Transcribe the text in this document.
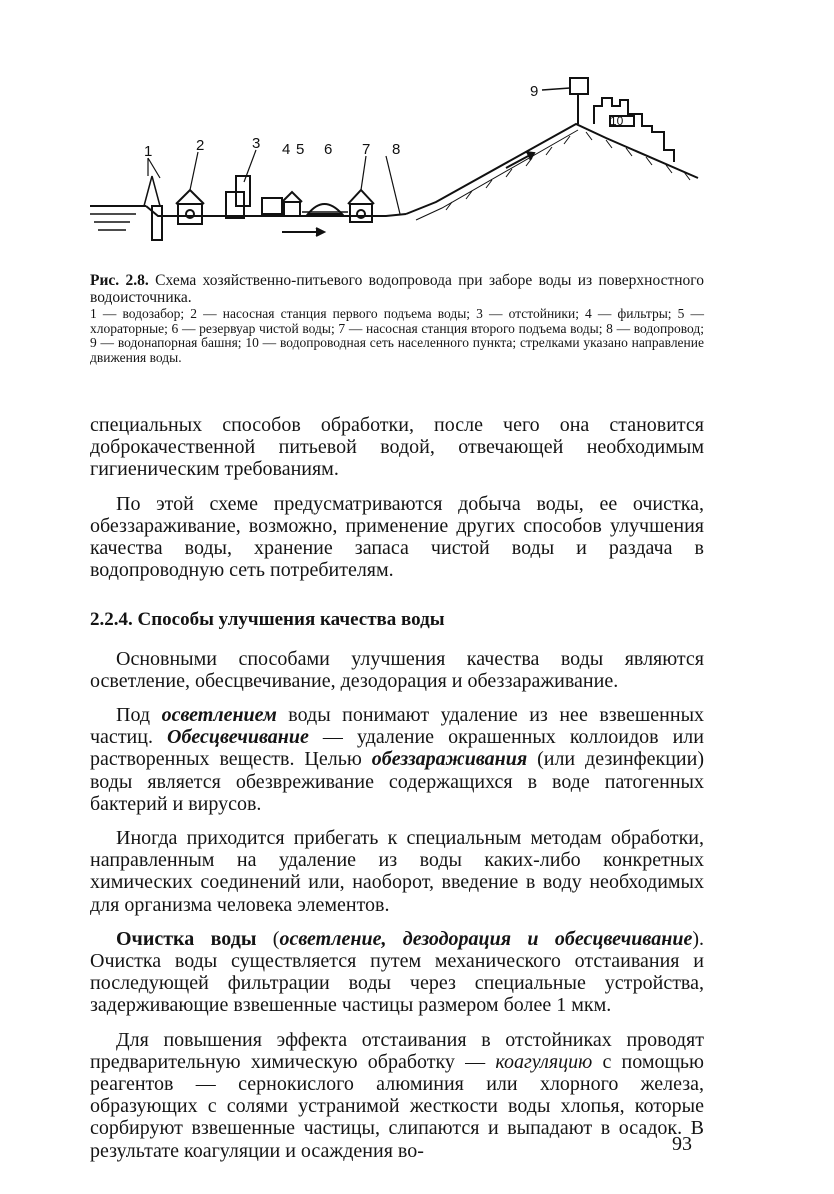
1	2	3 4 5 6 7 8
9
10
Рис. 2.8. Схема хозяйственно-питьевого водопровода при заборе воды из поверхностного водоисточника.
1 — водозабор; 2 — насосная станция первого подъема воды; 3 — отстойники; 4 — фильтры; 5 — хлораторные; 6 — резервуар чистой воды; 7 — насосная станция второго подъема воды; 8 — водопровод; 9 — водонапорная башня; 10 — водопроводная сеть населенного пункта; стрелками указано направление движения воды.

специальных способов обработки, после чего она становится доброкачественной питьевой водой, отвечающей необходимым гигиеническим требованиям.

По этой схеме предусматриваются добыча воды, ее очистка, обеззараживание, возможно, применение других способов улучшения качества воды, хранение запаса чистой воды и раздача в водопроводную сеть потребителям.

2.2.4. Способы улучшения качества воды

Основными способами улучшения качества воды являются осветление, обесцвечивание, дезодорация и обеззараживание.

Под осветлением воды понимают удаление из нее взвешенных частиц. Обесцвечивание — удаление окрашенных коллоидов или растворенных веществ. Целью обеззараживания (или дезинфекции) воды является обезвреживание содержащихся в воде патогенных бактерий и вирусов.

Иногда приходится прибегать к специальным методам обработки, направленным на удаление из воды каких-либо конкретных химических соединений или, наоборот, введение в воду необходимых для организма человека элементов.

Очистка воды (осветление, дезодорация и обесцвечивание). Очистка воды существляется путем механического отстаивания и последующей фильтрации воды через специальные устройства, задерживающие взвешенные частицы размером более 1 мкм.

Для повышения эффекта отстаивания в отстойниках проводят предварительную химическую обработку — коагуляцию с помощью реагентов — сернокислого алюминия или хлорного железа, образующих с солями устранимой жесткости воды хлопья, которые сорбируют взвешенные частицы, слипаются и выпадают в осадок. В результате коагуляции и осаждения во-	93
